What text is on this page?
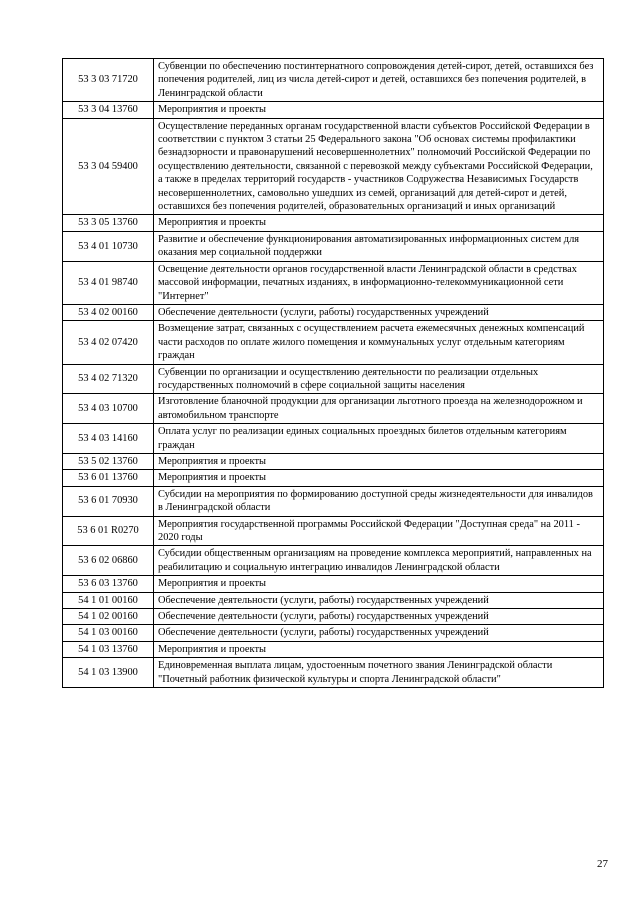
53 3 03 71720	Субвенции по обеспечению постинтернатного сопровождения детей-сирот, детей, оставшихся без попечения родителей, лиц из числа детей-сирот и детей, оставшихся без попечения родителей, в Ленинградской области
53 3 04 13760	Мероприятия и проекты
53 3 04 59400	Осуществление переданных органам государственной власти субъектов Российской Федерации в соответствии с пунктом 3 статьи 25 Федерального закона "Об основах системы профилактики безнадзорности и правонарушений несовершеннолетних" полномочий Российской Федерации по осуществлению деятельности, связанной с перевозкой между субъектами Российской Федерации, а также в пределах территорий государств - участников Содружества Независимых Государств несовершеннолетних, самовольно ушедших из семей, организаций для детей-сирот и детей, оставшихся без попечения родителей, образовательных организаций и иных организаций
53 3 05 13760	Мероприятия и проекты
53 4 01 10730	Развитие и обеспечение функционирования автоматизированных информационных систем для оказания мер социальной поддержки
53 4 01 98740	Освещение деятельности органов государственной власти Ленинградской области в средствах массовой информации, печатных изданиях, в информационно-телекоммуникационной сети "Интернет"
53 4 02 00160	Обеспечение деятельности (услуги, работы) государственных учреждений
53 4 02 07420	Возмещение затрат, связанных с осуществлением расчета ежемесячных денежных компенсаций части расходов по оплате жилого помещения и коммунальных услуг отдельным категориям граждан
53 4 02 71320	Субвенции по организации и осуществлению деятельности по реализации отдельных государственных полномочий в сфере социальной защиты населения
53 4 03 10700	Изготовление бланочной продукции для организации льготного проезда на железнодорожном и автомобильном транспорте
53 4 03 14160	Оплата услуг по реализации единых социальных проездных билетов отдельным категориям граждан
53 5 02 13760	Мероприятия и проекты
53 6 01 13760	Мероприятия и проекты
53 6 01 70930	Субсидии на мероприятия по формированию доступной среды жизнедеятельности для инвалидов в Ленинградской области
53 6 01 R0270	Мероприятия государственной программы Российской Федерации "Доступная среда" на 2011 - 2020 годы
53 6 02 06860	Субсидии общественным организациям на проведение комплекса мероприятий, направленных на реабилитацию и социальную интеграцию инвалидов Ленинградской области
53 6 03 13760	Мероприятия и проекты
54 1 01 00160	Обеспечение деятельности (услуги, работы) государственных учреждений
54 1 02 00160	Обеспечение деятельности (услуги, работы) государственных учреждений
54 1 03 00160	Обеспечение деятельности (услуги, работы) государственных учреждений
54 1 03 13760	Мероприятия и проекты
54 1 03 13900	Единовременная выплата лицам, удостоенным почетного звания Ленинградской области "Почетный работник физической культуры и спорта Ленинградской области"
27
